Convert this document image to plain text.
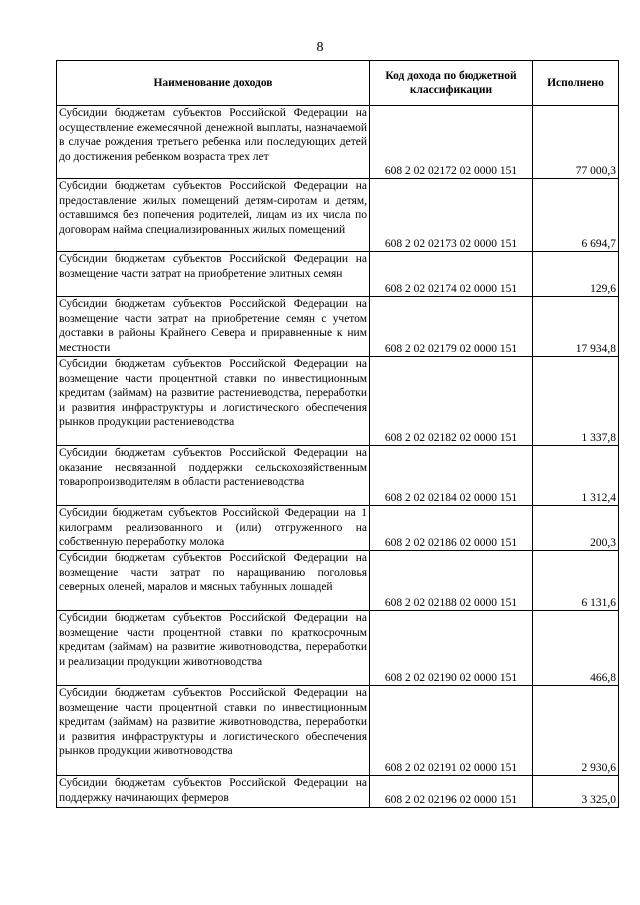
8
Наименование доходов	Код дохода по бюджетной классификации	Исполнено
Субсидии бюджетам субъектов Российской Федерации на осуществление ежемесячной денежной выплаты, назначаемой в случае рождения третьего ребенка или последующих детей до достижения ребенком возраста трех лет	608 2 02 02172 02 0000 151	77 000,3
Субсидии бюджетам субъектов Российской Федерации на предоставление жилых помещений детям-сиротам и детям, оставшимся без попечения родителей, лицам из их числа по договорам найма специализированных жилых помещений	608 2 02 02173 02 0000 151	6 694,7
Субсидии бюджетам субъектов Российской Федерации на возмещение части затрат на приобретение элитных семян	608 2 02 02174 02 0000 151	129,6
Субсидии бюджетам субъектов Российской Федерации на возмещение части затрат на приобретение семян с учетом доставки в районы Крайнего Севера и приравненные к ним местности	608 2 02 02179 02 0000 151	17 934,8
Субсидии бюджетам субъектов Российской Федерации на возмещение части процентной ставки по инвестиционным кредитам (займам) на развитие растениеводства, переработки и развития инфраструктуры и логистического обеспечения рынков продукции растениеводства	608 2 02 02182 02 0000 151	1 337,8
Субсидии бюджетам субъектов Российской Федерации на оказание несвязанной поддержки сельскохозяйственным товаропроизводителям в области растениеводства	608 2 02 02184 02 0000 151	1 312,4
Субсидии бюджетам субъектов Российской Федерации на 1 килограмм реализованного и (или) отгруженного на собственную переработку молока	608 2 02 02186 02 0000 151	200,3
Субсидии бюджетам субъектов Российской Федерации на возмещение части затрат по наращиванию поголовья северных оленей, маралов и мясных табунных лошадей	608 2 02 02188 02 0000 151	6 131,6
Субсидии бюджетам субъектов Российской Федерации на возмещение части процентной ставки по краткосрочным кредитам (займам) на развитие животноводства, переработки и реализации продукции животноводства	608 2 02 02190 02 0000 151	466,8
Субсидии бюджетам субъектов Российской Федерации на возмещение части процентной ставки по инвестиционным кредитам (займам) на развитие животноводства, переработки и развития инфраструктуры и логистического обеспечения рынков продукции животноводства	608 2 02 02191 02 0000 151	2 930,6
Субсидии бюджетам субъектов Российской Федерации на поддержку начинающих фермеров	608 2 02 02196 02 0000 151	3 325,0
